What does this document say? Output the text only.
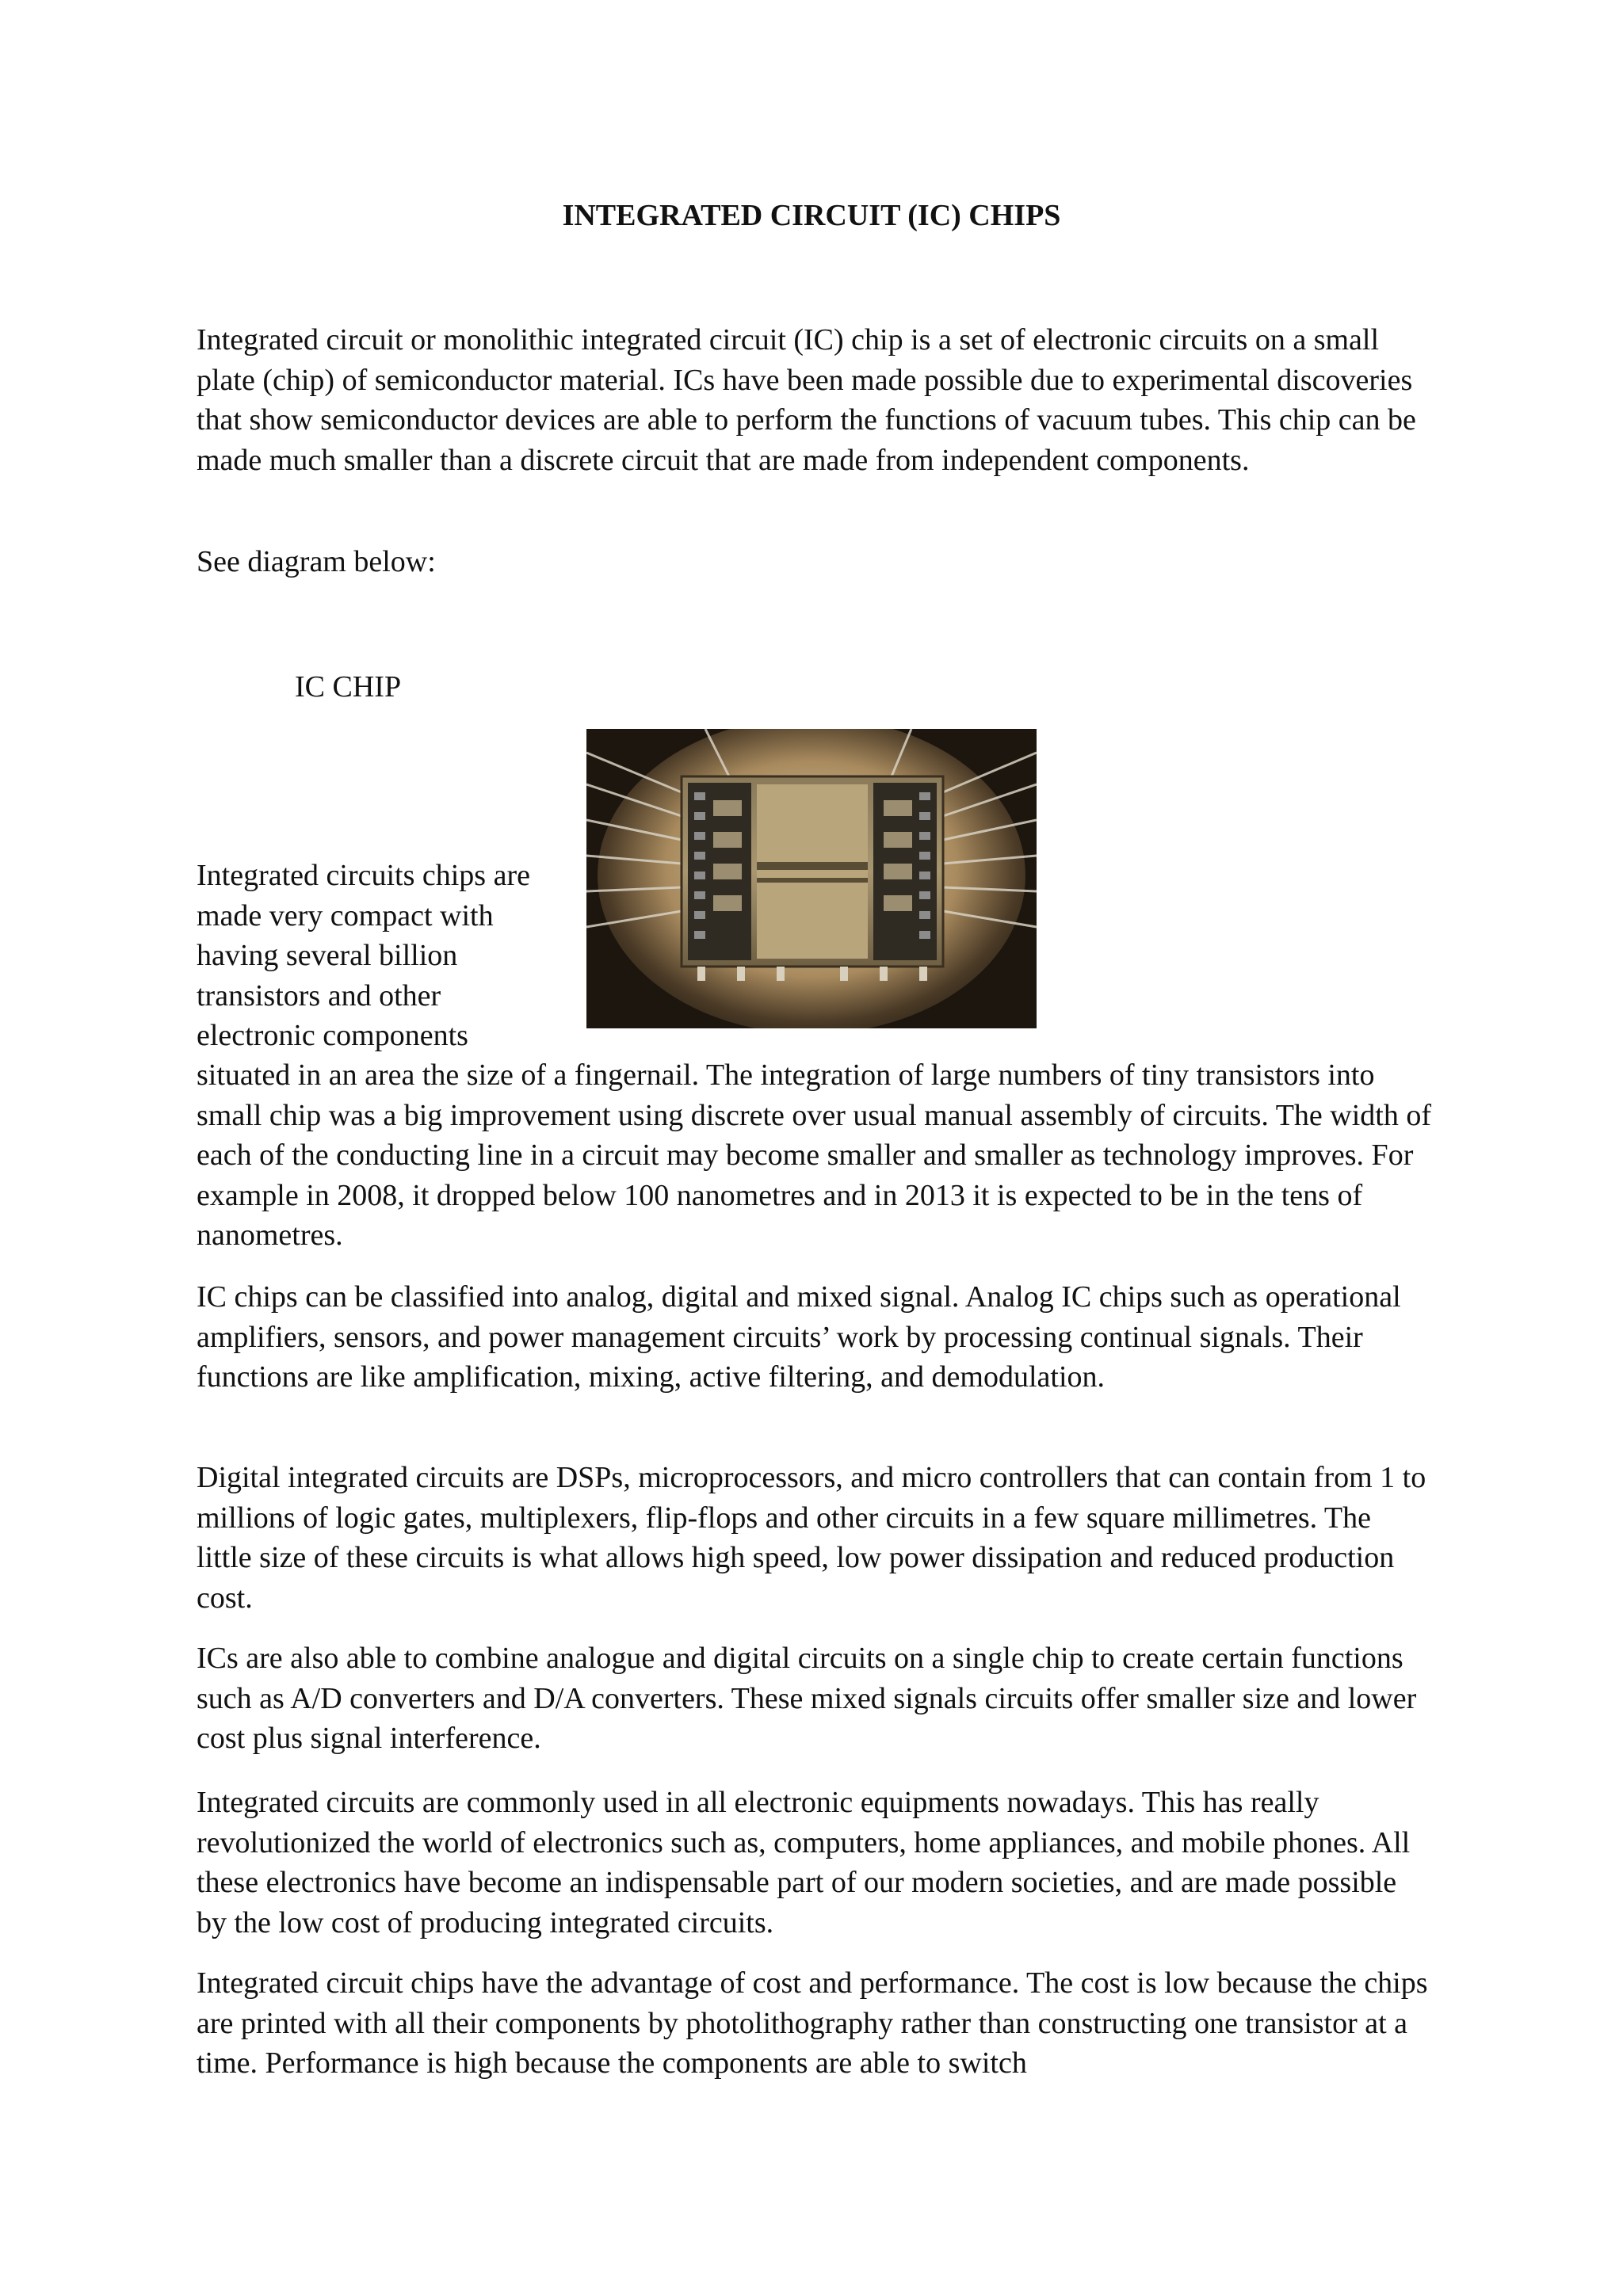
INTEGRATED CIRCUIT (IC) CHIPS

Integrated circuit or monolithic integrated circuit (IC) chip is a set of electronic circuits on a small plate (chip) of semiconductor material. ICs have been made possible due to experimental discoveries that show semiconductor devices are able to perform the functions of vacuum tubes. This chip can be made much smaller than a discrete circuit that are made from independent components.

See diagram below:

IC CHIP

Integrated circuits chips are made very compact with having several billion transistors and other electronic components

situated in an area the size of a fingernail. The integration of large numbers of tiny transistors into small chip was a big improvement using discrete over usual manual assembly of circuits. The width of each of the conducting line in a circuit may become smaller and smaller as technology improves. For example in 2008, it dropped below 100 nanometres and in 2013 it is expected to be in the tens of nanometres.

IC chips can be classified into analog, digital and mixed signal. Analog IC chips such as operational amplifiers, sensors, and power management circuits’ work by processing continual signals. Their functions are like amplification, mixing, active filtering, and demodulation.

Digital integrated circuits are DSPs, microprocessors, and micro controllers that can contain from 1 to millions of logic gates, multiplexers, flip-flops and other circuits in a few square millimetres. The little size of these circuits is what allows high speed, low power dissipation and reduced production cost.

ICs are also able to combine analogue and digital circuits on a single chip to create certain functions such as A/D converters and D/A converters. These mixed signals circuits offer smaller size and lower cost plus signal interference.

Integrated circuits are commonly used in all electronic equipments nowadays. This has really revolutionized the world of electronics such as, computers, home appliances, and mobile phones. All these electronics have become an indispensable part of our modern societies, and are made possible by the low cost of producing integrated circuits.

Integrated circuit chips have the advantage of cost and performance. The cost is low because the chips are printed with all their components by photolithography rather than constructing one transistor at a time. Performance is high because the components are able to switch
